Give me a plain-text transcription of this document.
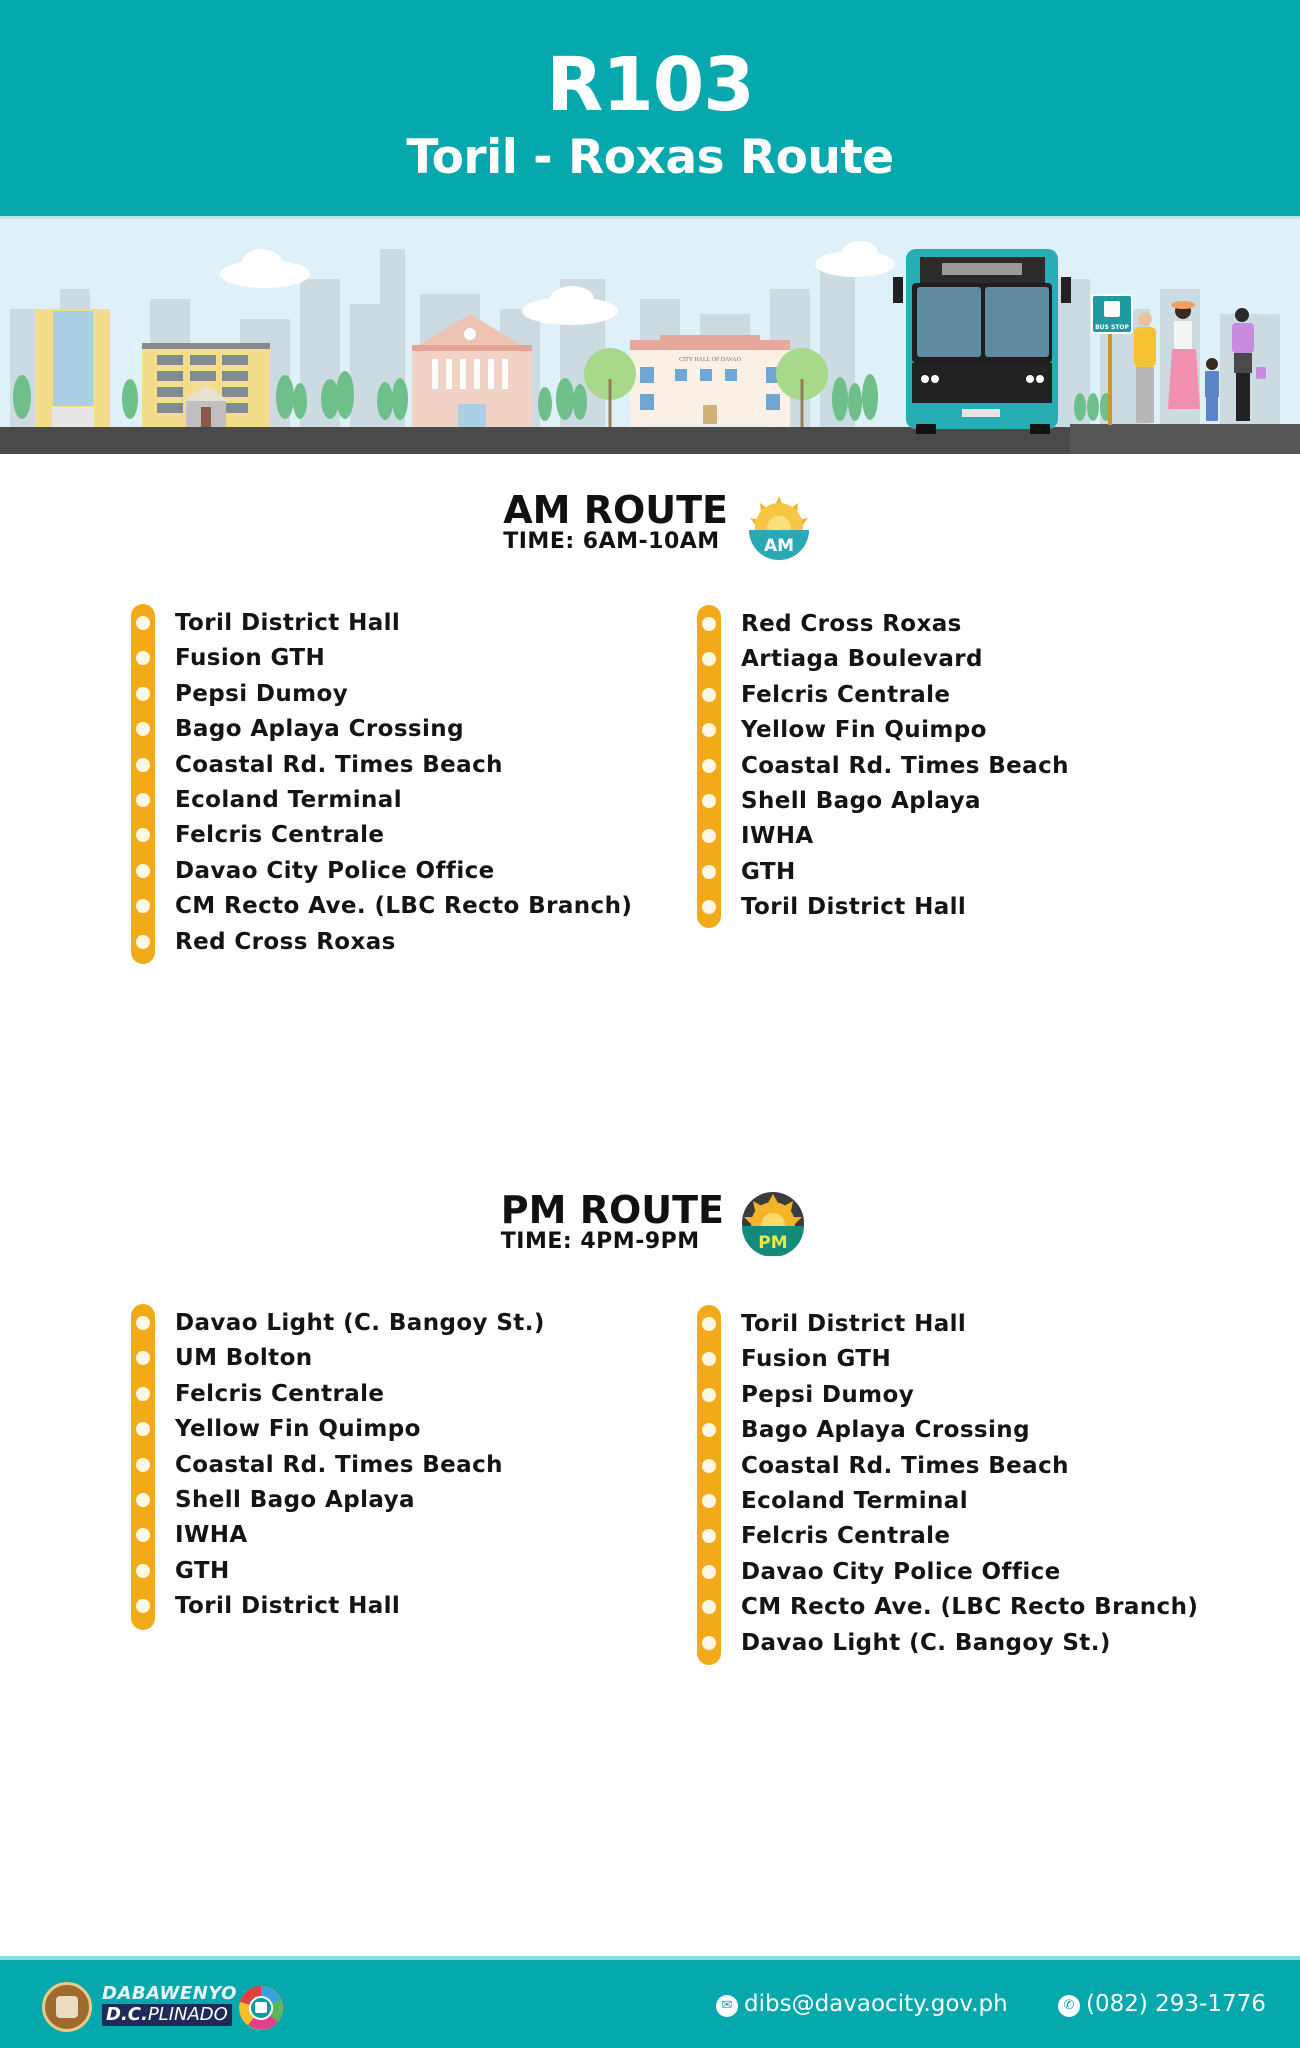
R103
Toril - Roxas Route
CITY HALL OF DAVAO
BUS STOP
AM ROUTE
TIME: 6AM-10AM	AM
Toril District Hall
Fusion GTH
Pepsi Dumoy
Bago Aplaya Crossing
Coastal Rd. Times Beach
Ecoland Terminal
Felcris Centrale
Davao City Police Office
CM Recto Ave. (LBC Recto Branch)
Red Cross Roxas
Red Cross Roxas
Artiaga Boulevard
Felcris Centrale
Yellow Fin Quimpo
Coastal Rd. Times Beach
Shell Bago Aplaya
IWHA
GTH
Toril District Hall
PM ROUTE
TIME: 4PM-9PM	PM
Davao Light (C. Bangoy St.)
UM Bolton
Felcris Centrale
Yellow Fin Quimpo
Coastal Rd. Times Beach
Shell Bago Aplaya
IWHA
GTH
Toril District Hall
Toril District Hall
Fusion GTH
Pepsi Dumoy
Bago Aplaya Crossing
Coastal Rd. Times Beach
Ecoland Terminal
Felcris Centrale
Davao City Police Office
CM Recto Ave. (LBC Recto Branch)
Davao Light (C. Bangoy St.)
DABAWENYO
D.C.PLINADO	✉ dibs@davaocity.gov.ph	✆ (082) 293-1776
